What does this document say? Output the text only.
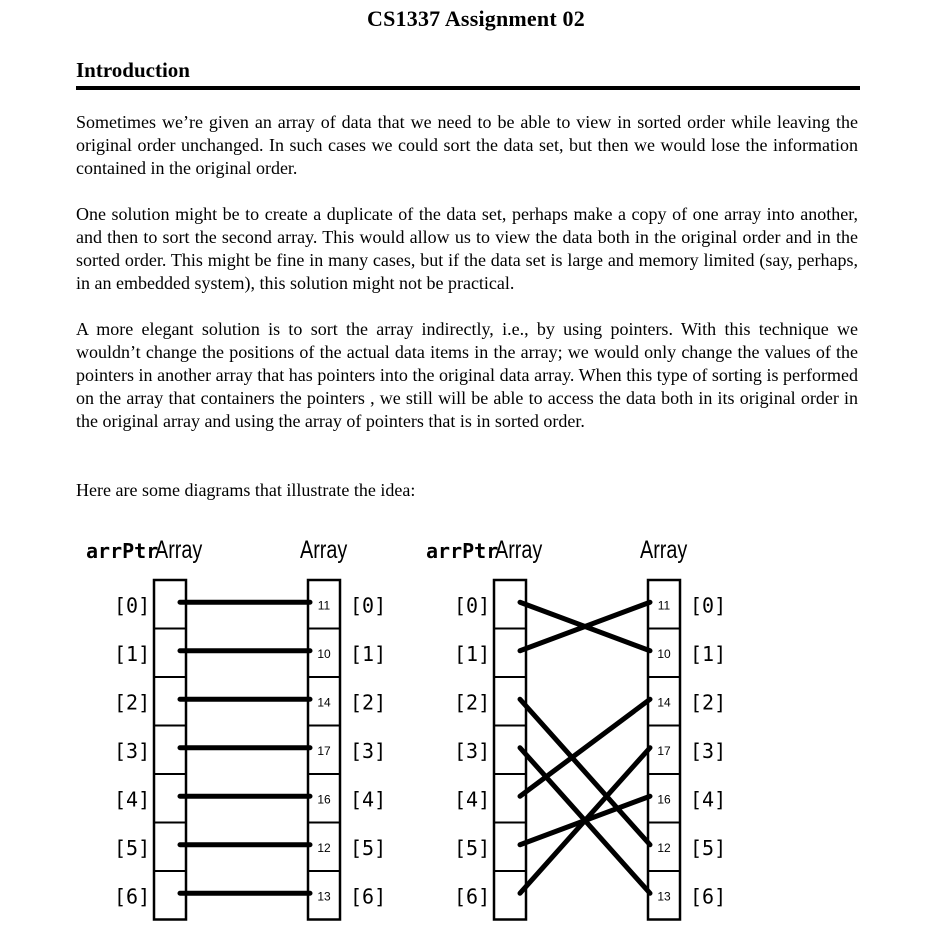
CS1337 Assignment 02
Introduction

Sometimes we’re given an array of data that we need to be able to view in sorted order while leaving the original order unchanged. In such cases we could sort the data set, but then we would lose the information contained in the original order.

One solution might be to create a duplicate of the data set, perhaps make a copy of one array into another, and then to sort the second array. This would allow us to view the data both in the original order and in the sorted order. This might be fine in many cases, but if the data set is large and memory limited (say, perhaps, in an embedded system), this solution might not be practical.

A more elegant solution is to sort the array indirectly, i.e., by using pointers. With this technique we wouldn’t change the positions of the actual data items in the array; we would only change the values of the pointers in another array that has pointers into the original data array. When this type of sorting is performed on the array that containers the pointers , we still will be able to access the data both in its original order in the original array and using the array of pointers that is in sorted order.

Here are some diagrams that illustrate the idea:

arrPtr
Array	Array
[0]	11 [0]
[1]	10 [1]
[2]	14 [2]
[3]	17 [3]
[4]	16 [4]
[5]	12 [5]
[6]	13 [6]
arrPtr
Array	Array
[0]	11 [0]
[1]	10 [1]
[2]	14 [2]
[3]	17 [3]
[4]	16 [4]
[5]	12 [5]
[6]	13 [6]
